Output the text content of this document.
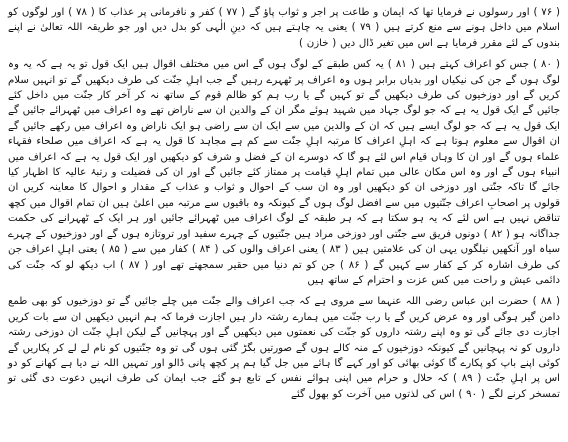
( ۷۶ ) اور رسولوں نے فرمایا تھا کہ ایمان و طاعت پر اجر و ثواب پاؤ گے ( ۷۷ ) کفر و نافرمانی پر عذاب کا ( ۷۸ ) اور لوگوں کو اسلام میں داخل ہونے سے منع کرتے ہیں ( ۷۹ ) یعنی یہ چاہتے ہیں کہ دینِ الٰہی کو بدل دیں اور جو طریقہ اللہ تعالیٰ نے اپنے بندوں کے لئے مقرر فرمایا ہے اس میں تغیر ڈال دیں ( خازن )

( ۸۰ ) جس کو اعراف کہتے ہیں ( ۸۱ ) یہ کس طبقے کے لوگ ہوں گے اس میں مختلف اقوال ہیں ایک قول تو یہ ہے کہ یہ وہ لوگ ہوں گے جن کی نیکیاں اور بدیاں برابر ہوں وہ اعراف پر ٹھہرے رہیں گے جب اہلِ جنّت کی طرف دیکھیں گے تو انہیں سلام کریں گے اور دوزخیوں کی طرف دیکھیں گے تو کہیں گے یا رب ہم کو ظالم قوم کے ساتھ نہ کر آخر کار جنّت میں داخل کئے جائیں گے ایک قول یہ ہے کہ جو لوگ جہاد میں شہید ہوئے مگر ان کے والدین ان سے ناراض تھے وہ اعراف میں ٹھہرائے جائیں گے ایک قول یہ ہے کہ جو لوگ ایسے ہیں کہ ان کے والدین میں سے ایک ان سے راضی ہو ایک ناراض وہ اعراف میں رکھے جائیں گے ان اقوال سے معلوم ہوتا ہے کہ اہلِ اعراف کا مرتبہ اہلِ جنّت سے کم ہے مجاہد کا قول یہ ہے کہ اعراف میں صلحاء فقہاء علماء ہوں گے اور ان کا وہاں قیام اس لئے ہو گا کہ دوسرے ان کے فضل و شرف کو دیکھیں اور ایک قول یہ ہے کہ اعراف میں انبیاء ہوں گے اور وہ اس مکان عالی میں تمام اہلِ قیامت پر ممتاز کئے جائیں گے اور ان کی فضیلت و رتبۂ عالیہ کا اظہار کیا جائے گا تاکہ جنّتی اور دوزخی ان کو دیکھیں اور وہ ان سب کے احوال و ثواب و عذاب کے مقدار و احوال کا معاینہ کریں ان قولوں پر اصحابِ اعراف جنّتیوں میں سے افضل لوگ ہوں گے کیونکہ وہ باقیوں سے مرتبہ میں اعلیٰ ہیں ان تمام اقوال میں کچھ تناقض نہیں ہے اس لئے کہ یہ ہو سکتا ہے کہ ہر طبقہ کے لوگ اعراف میں ٹھہرائے جائیں اور ہر ایک کے ٹھہرانے کی حکمت جداگانہ ہو ( ۸۲ ) دونوں فریق سے جنّتی اور دوزخی مراد ہیں جنّتیوں کے چہرے سفید اور تروتازہ ہوں گے اور دوزخیوں کے چہرے سیاہ اور آنکھیں نیلگوں یہی ان کی علامتیں ہیں ( ۸۳ ) یعنی اعراف والوں کی ( ۸۴ ) کفار میں سے ( ۸۵ ) یعنی اہلِ اعراف جن کی طرف اشارہ کر کے کفار سے کہیں گے ( ۸۶ ) جن کو تم دنیا میں حقیر سمجھتے تھے اور ( ۸۷ ) اب دیکھ لو کہ جنّت کی دائمی عیش و راحت میں کس عزت و احترام کے ساتھ ہیں

( ۸۸ ) حضرت ابن عباس رضی اللہ عنہما سے مروی ہے کہ جب اعراف والے جنّت میں چلے جائیں گے تو دوزخیوں کو بھی طمع دامن گیر ہوگی اور وہ عرض کریں گے یا رب جنّت میں ہمارے رشتہ دار ہیں اجازت فرما کہ ہم انہیں دیکھیں ان سے بات کریں اجازت دی جائے گی تو وہ اپنے رشتہ داروں کو جنّت کی نعمتوں میں دیکھیں گے اور پہچانیں گے لیکن اہلِ جنّت ان دوزخی رشتہ داروں کو نہ پہچانیں گے کیونکہ دوزخیوں کے منہ کالے ہوں گے صورتیں بگڑ گئی ہوں گی تو وہ جنّتیوں کو نام لے لے کر پکاریں گے کوئی اپنے باپ کو پکارے گا کوئی بھائی کو اور کہے گا ہائے میں جل گیا ہم پر کچھ پانی ڈالو اور تمہیں اللہ نے دیا ہے کھانے کو دو اس پر اہلِ جنّت ( ۸۹ ) کہ حلال و حرام میں اپنی ہوائے نفس کے تابع ہو گئے جب ایمان کی طرف انہیں دعوت دی گئی تو تمسخر کرنے لگے ( ۹۰ ) اس کی لذتوں میں آخرت کو بھول گئے
